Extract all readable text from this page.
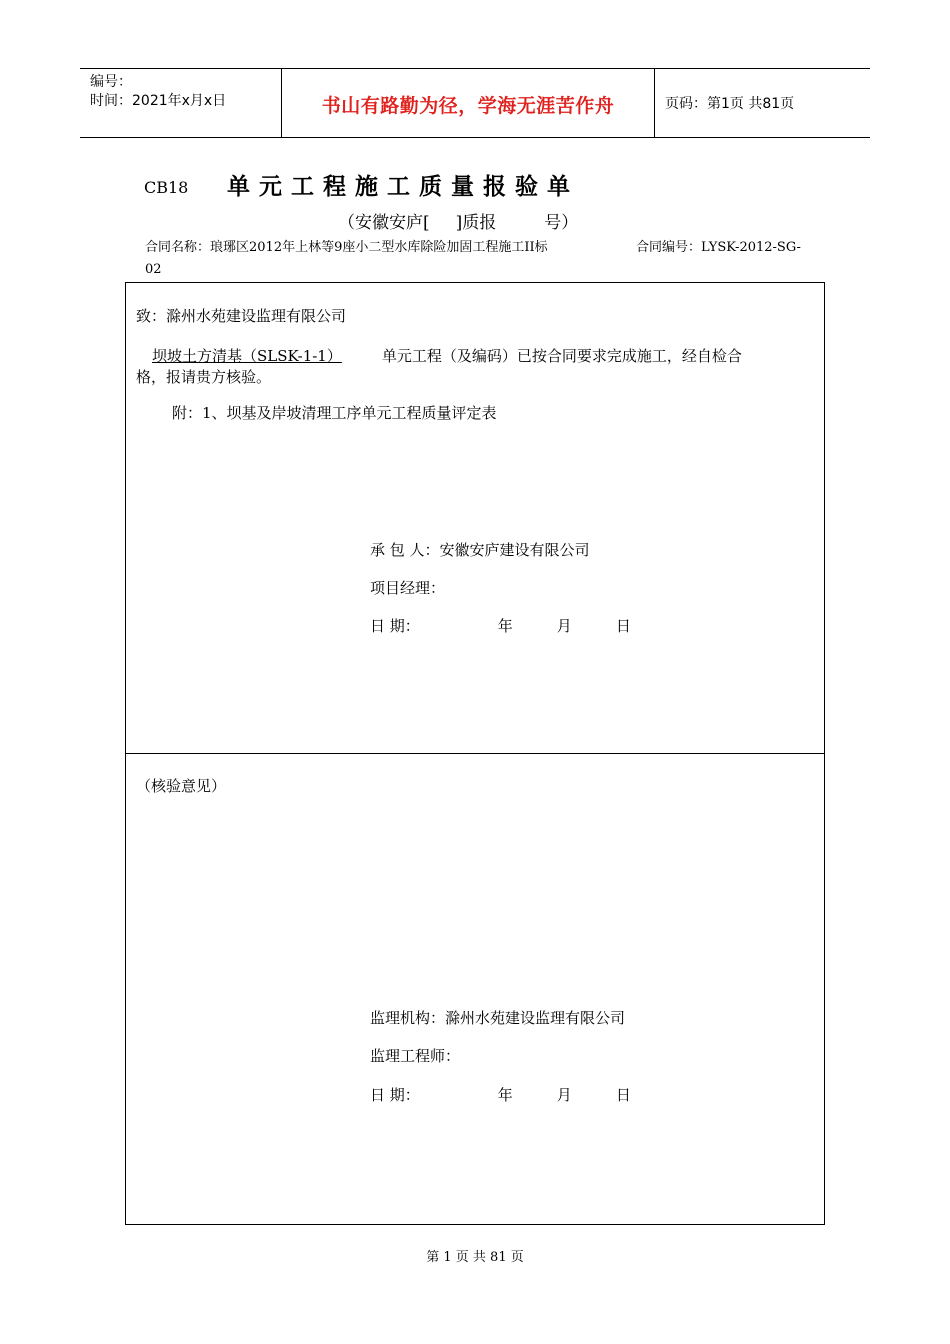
编号：
时间：2021年x月x日	书山有路勤为径，学海无涯苦作舟	页码：第1页 共81页
CB18 单元工程施工质量报验单
（安徽安庐[ ]质报	号）
合同名称：琅琊区2012年上林等9座小二型水库除险加固工程施工II标	合同编号：LYSK-2012-SG-
02
致：滁州水苑建设监理有限公司
坝坡土方清基（SLSK-1-1）	单元工程（及编码）已按合同要求完成施工，经自检合
格，报请贵方核验。
附：1、坝基及岸坡清理工序单元工程质量评定表
承 包 人：安徽安庐建设有限公司
项目经理：
日 期：	年	月	日
（核验意见）
监理机构：滁州水苑建设监理有限公司
监理工程师：
日 期：	年	月	日
第 1 页 共 81 页
